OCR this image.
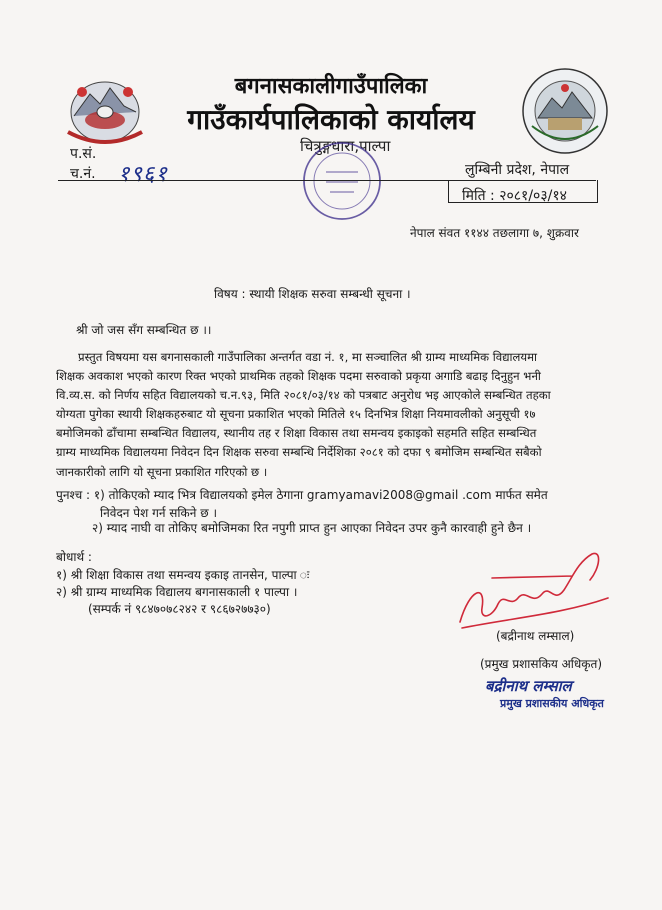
बगनासकालीगाउँपालिका
गाउँकार्यपालिकाको कार्यालय
चित्रुङ्गधारा,पाल्पा
प.सं.
च.नं. १९६१	लुम्बिनी प्रदेश, नेपाल
मिति : २०८१/०३/१४
नेपाल संवत ११४४ तछलागा ७, शुक्रवार
विषय : स्थायी शिक्षक सरुवा सम्बन्धी सूचना ।
श्री जो जस सँग सम्बन्धित छ ।।
प्रस्तुत विषयमा यस बगनासकाली गाउँपालिका अन्तर्गत वडा नं. १, मा सञ्चालित श्री ग्राम्य माध्यमिक विद्यालयमा
शिक्षक अवकाश भएको कारण रिक्त भएको प्राथमिक तहको शिक्षक पदमा सरुवाको प्रकृया अगाडि बढाइ दिनुहुन भनी
वि.व्य.स. को निर्णय सहित विद्यालयको च.न.९३, मिति २०८१/०३/१४ को पत्रबाट अनुरोध भइ आएकोले सम्बन्धित तहका
योग्यता पुगेका स्थायी शिक्षकहरुबाट यो सूचना प्रकाशित भएको मितिले १५ दिनभित्र शिक्षा नियमावलीको अनुसूची १७
बमोजिमको ढाँचामा सम्बन्धित विद्यालय, स्थानीय तह र शिक्षा विकास तथा समन्वय इकाइको सहमति सहित सम्बन्धित
ग्राम्य माध्यमिक विद्यालयमा निवेदन दिन शिक्षक सरुवा सम्बन्धि निर्देशिका २०८१ को दफा ९ बमोजिम सम्बन्धित सबैको
जानकारीको लागि यो सूचना प्रकाशित गरिएको छ ।
पुनश्च : १) तोकिएको म्याद भित्र विद्यालयको इमेल ठेगाना gramyamavi2008@gmail .com मार्फत समेत
निवेदन पेश गर्न सकिने छ ।
२) म्याद नाघी वा तोकिए बमोजिमका रित नपुगी प्राप्त हुन आएका निवेदन उपर कुनै कारवाही हुने छैन ।
बोधार्थ :
१) श्री शिक्षा विकास तथा समन्वय इकाइ तानसेन, पाल्पा ः
२) श्री ग्राम्य माध्यमिक विद्यालय बगनासकाली १ पाल्पा ।
(सम्पर्क नं ९८४७०७८२४२ र ९८६७२७७३०)
(बद्रीनाथ लम्साल)
(प्रमुख प्रशासकिय अधिकृत)
बद्रीनाथ लम्साल
प्रमुख प्रशासकीय अधिकृत
